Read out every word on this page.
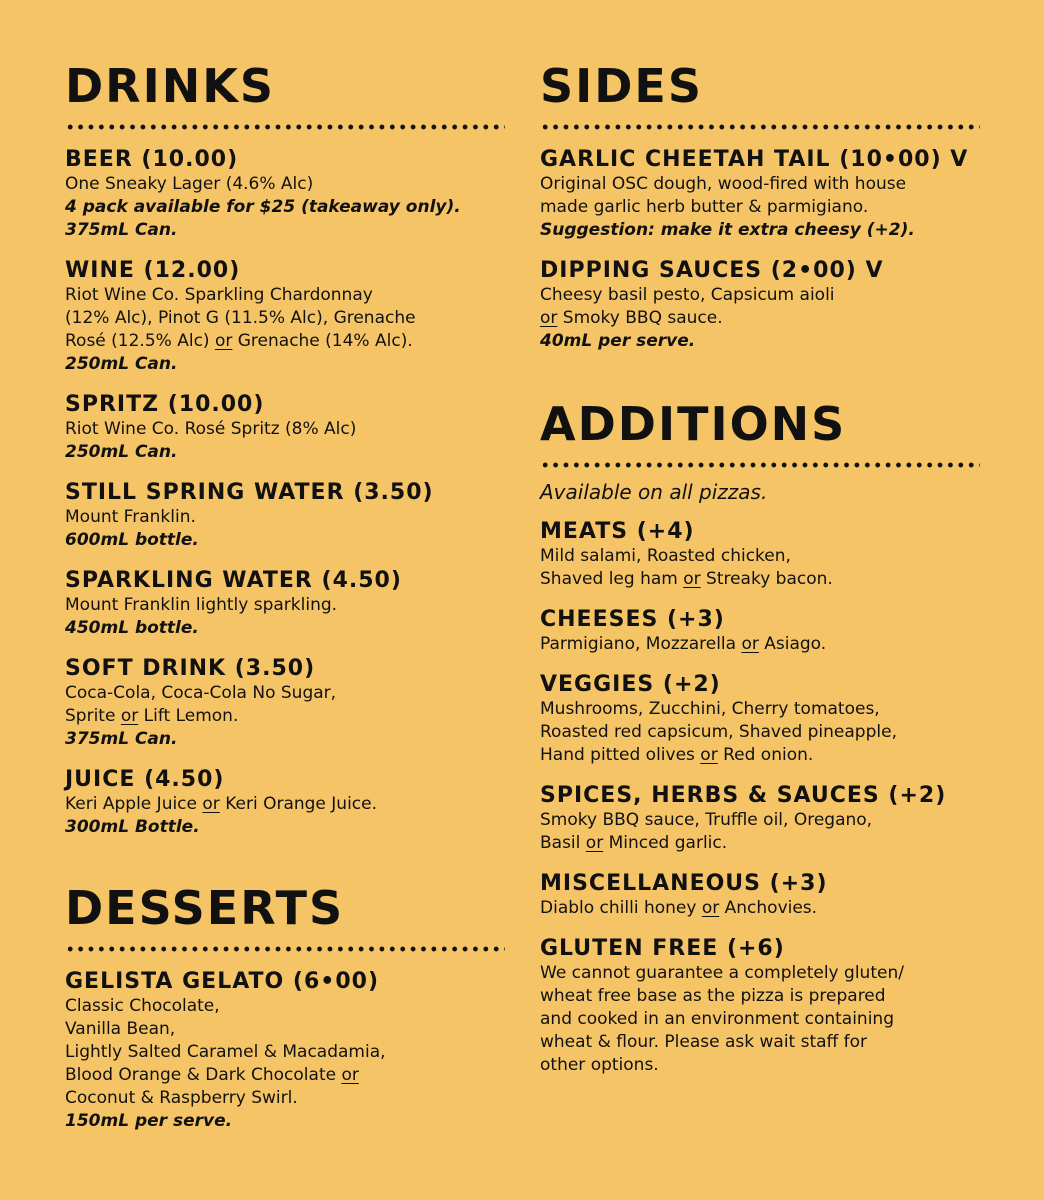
DRINKS
BEER (10.00)
One Sneaky Lager (4.6% Alc)
4 pack available for $25 (takeaway only).
375mL Can.
WINE (12.00)
Riot Wine Co. Sparkling Chardonnay
(12% Alc), Pinot G (11.5% Alc), Grenache
Rosé (12.5% Alc) or Grenache (14% Alc).
250mL Can.
SPRITZ (10.00)
Riot Wine Co. Rosé Spritz (8% Alc)
250mL Can.
STILL SPRING WATER (3.50)
Mount Franklin.
600mL bottle.
SPARKLING WATER (4.50)
Mount Franklin lightly sparkling.
450mL bottle.
SOFT DRINK (3.50)
Coca-Cola, Coca-Cola No Sugar,
Sprite or Lift Lemon.
375mL Can.
JUICE (4.50)
Keri Apple Juice or Keri Orange Juice.
300mL Bottle.
DESSERTS
GELISTA GELATO (6•00)
Classic Chocolate,
Vanilla Bean,
Lightly Salted Caramel & Macadamia,
Blood Orange & Dark Chocolate or
Coconut & Raspberry Swirl.
150mL per serve.
SIDES
GARLIC CHEETAH TAIL (10•00) V
Original OSC dough, wood-fired with house
made garlic herb butter & parmigiano.
Suggestion: make it extra cheesy (+2).
DIPPING SAUCES (2•00) V
Cheesy basil pesto, Capsicum aioli
or Smoky BBQ sauce.
40mL per serve.
ADDITIONS
Available on all pizzas.
MEATS (+4)
Mild salami, Roasted chicken,
Shaved leg ham or Streaky bacon.
CHEESES (+3)
Parmigiano, Mozzarella or Asiago.
VEGGIES (+2)
Mushrooms, Zucchini, Cherry tomatoes,
Roasted red capsicum, Shaved pineapple,
Hand pitted olives or Red onion.
SPICES, HERBS & SAUCES (+2)
Smoky BBQ sauce, Truffle oil, Oregano,
Basil or Minced garlic.
MISCELLANEOUS (+3)
Diablo chilli honey or Anchovies.
GLUTEN FREE (+6)
We cannot guarantee a completely gluten/
wheat free base as the pizza is prepared
and cooked in an environment containing
wheat & flour. Please ask wait staff for
other options.
